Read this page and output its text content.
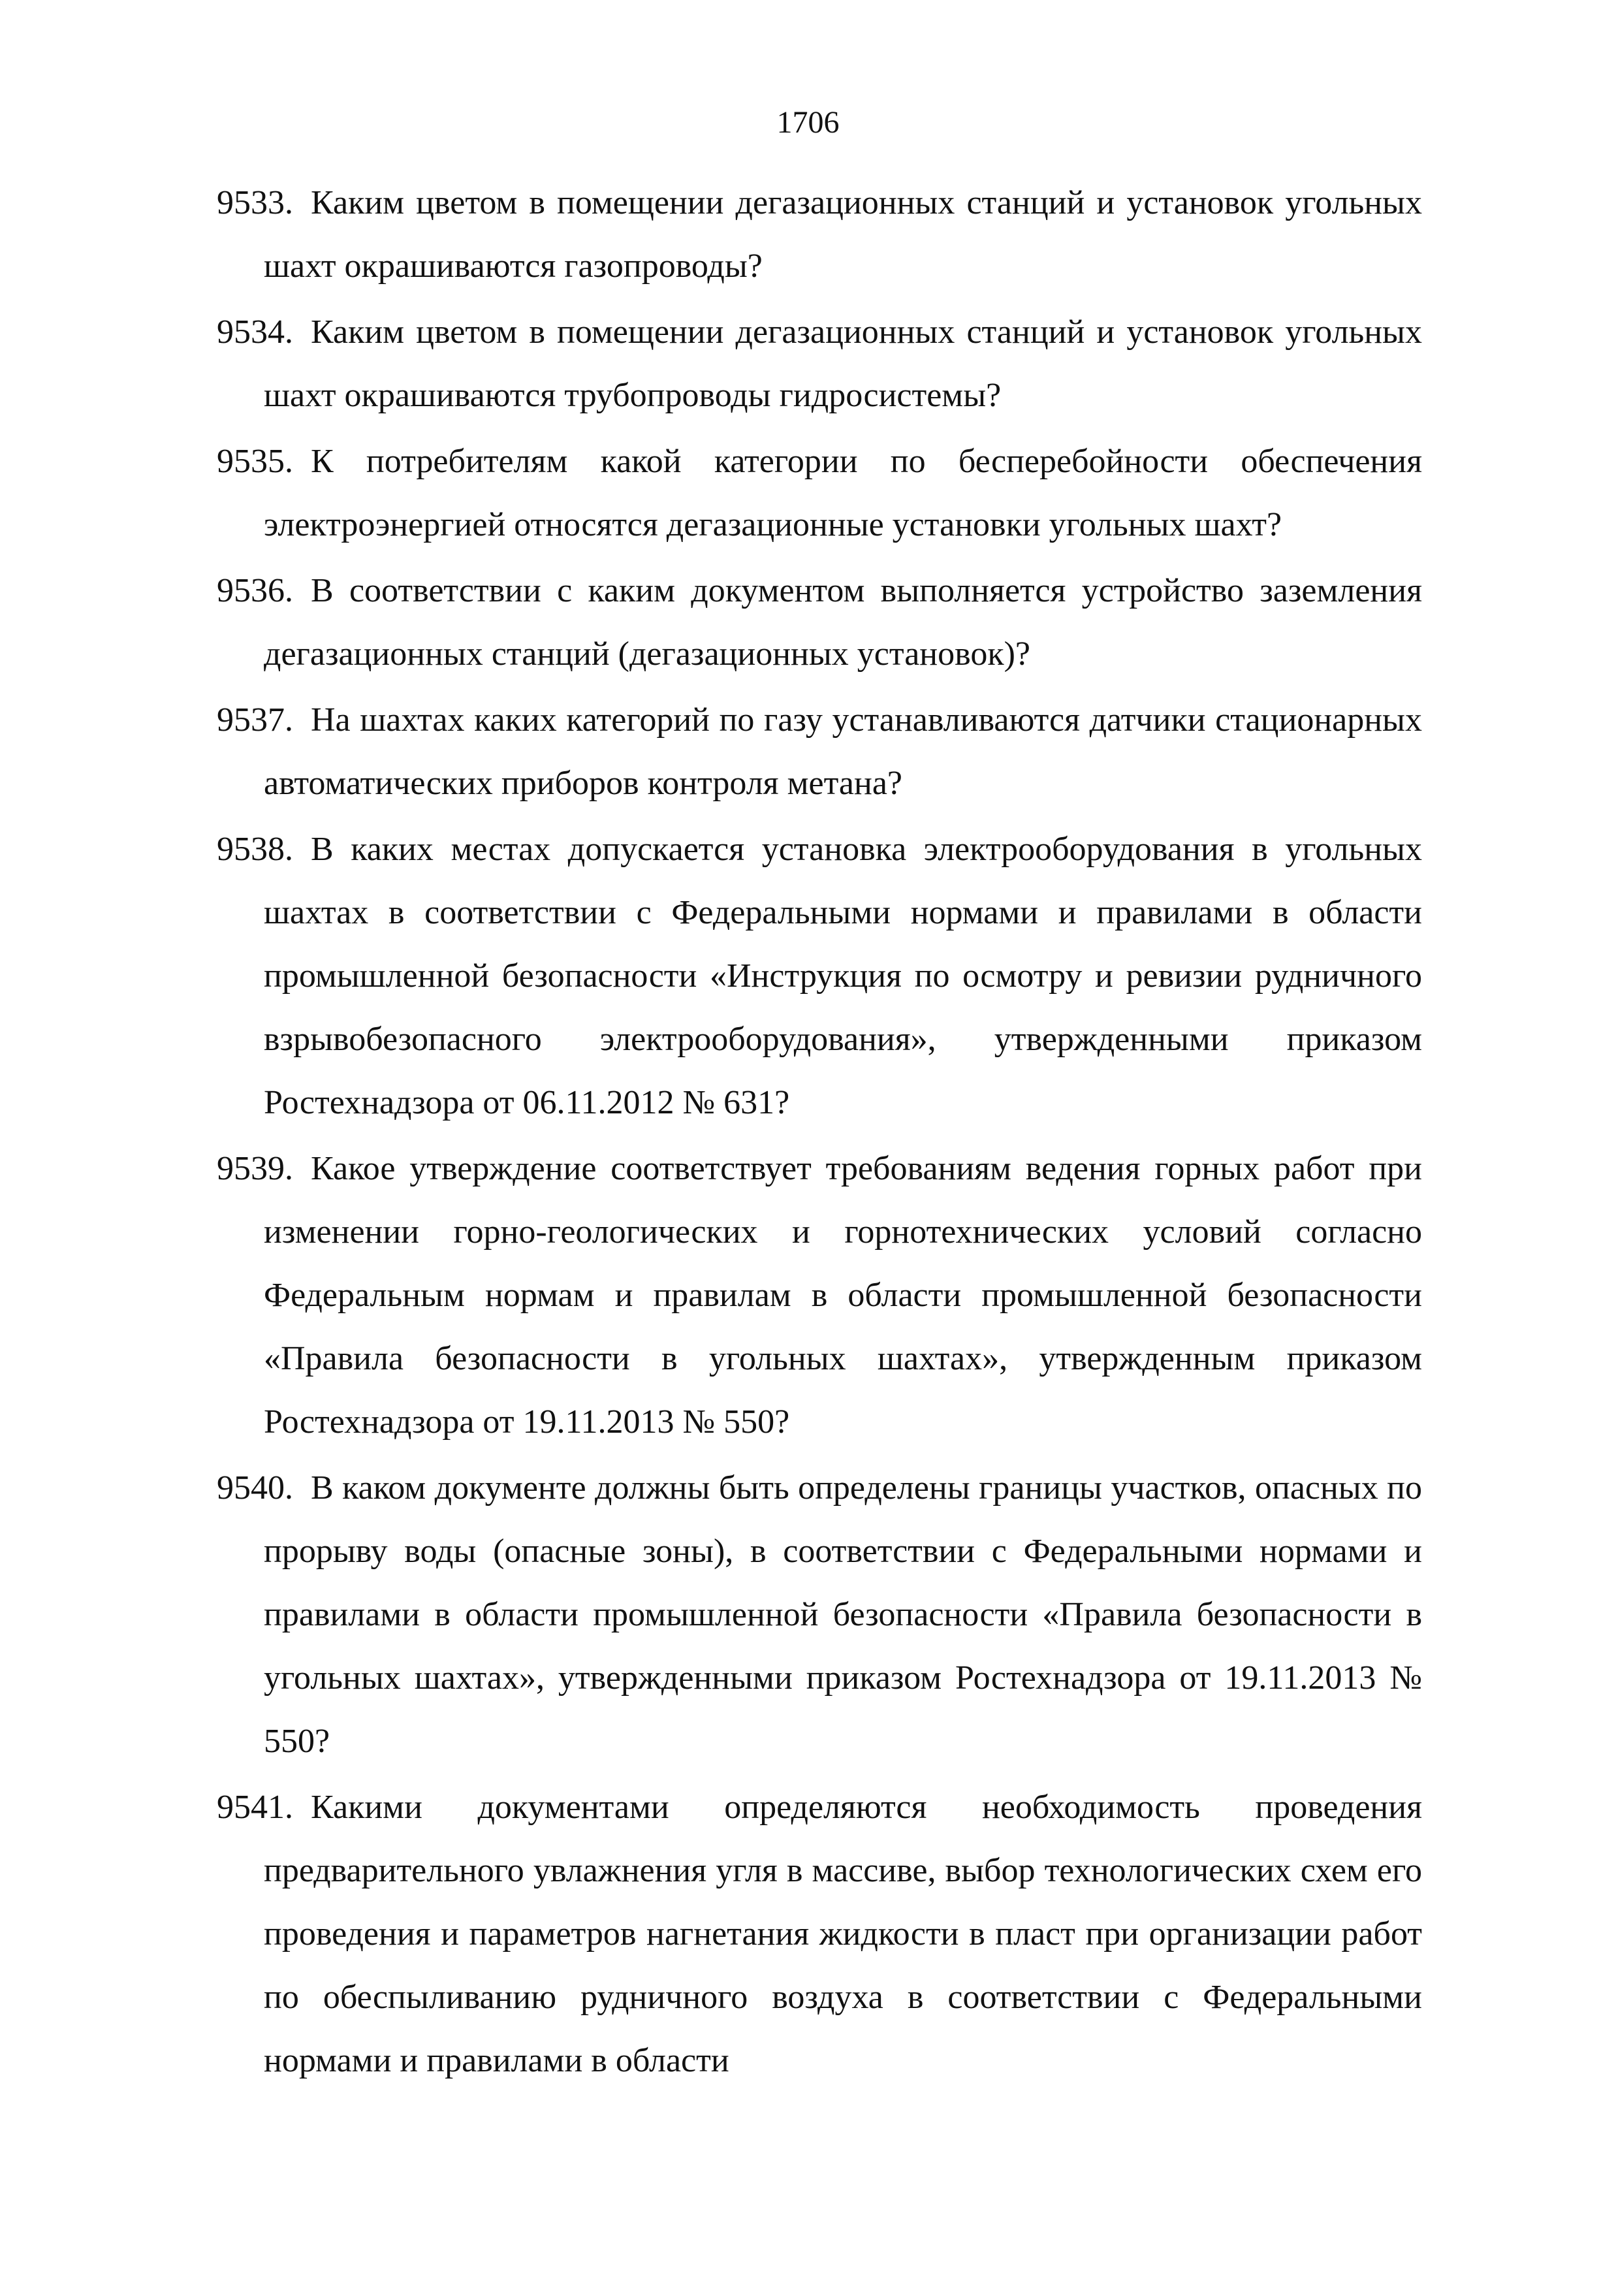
1706
9533. Каким цветом в помещении дегазационных станций и установок угольных шахт окрашиваются газопроводы?

9534. Каким цветом в помещении дегазационных станций и установок угольных шахт окрашиваются трубопроводы гидросистемы?

9535. К потребителям какой категории по бесперебойности обеспечения электроэнергией относятся дегазационные установки угольных шахт?

9536. В соответствии с каким документом выполняется устройство заземления дегазационных станций (дегазационных установок)?

9537. На шахтах каких категорий по газу устанавливаются датчики стационарных автоматических приборов контроля метана?

9538. В каких местах допускается установка электрооборудования в угольных шахтах в соответствии с Федеральными нормами и правилами в области промышленной безопасности «Инструкция по осмотру и ревизии рудничного взрывобезопасного электрооборудования», утвержденными приказом Ростехнадзора от 06.11.2012 № 631?

9539. Какое утверждение соответствует требованиям ведения горных работ при изменении горно-геологических и горнотехнических условий согласно Федеральным нормам и правилам в области промышленной безопасности «Правила безопасности в угольных шахтах», утвержденным приказом Ростехнадзора от 19.11.2013 № 550?

9540. В каком документе должны быть определены границы участков, опасных по прорыву воды (опасные зоны), в соответствии с Федеральными нормами и правилами в области промышленной безопасности «Правила безопасности в угольных шахтах», утвержденными приказом Ростехнадзора от 19.11.2013 № 550?

9541. Какими документами определяются необходимость проведения предварительного увлажнения угля в массиве, выбор технологических схем его проведения и параметров нагнетания жидкости в пласт при организации работ по обеспыливанию рудничного воздуха в соответствии с Федеральными нормами и правилами в области
